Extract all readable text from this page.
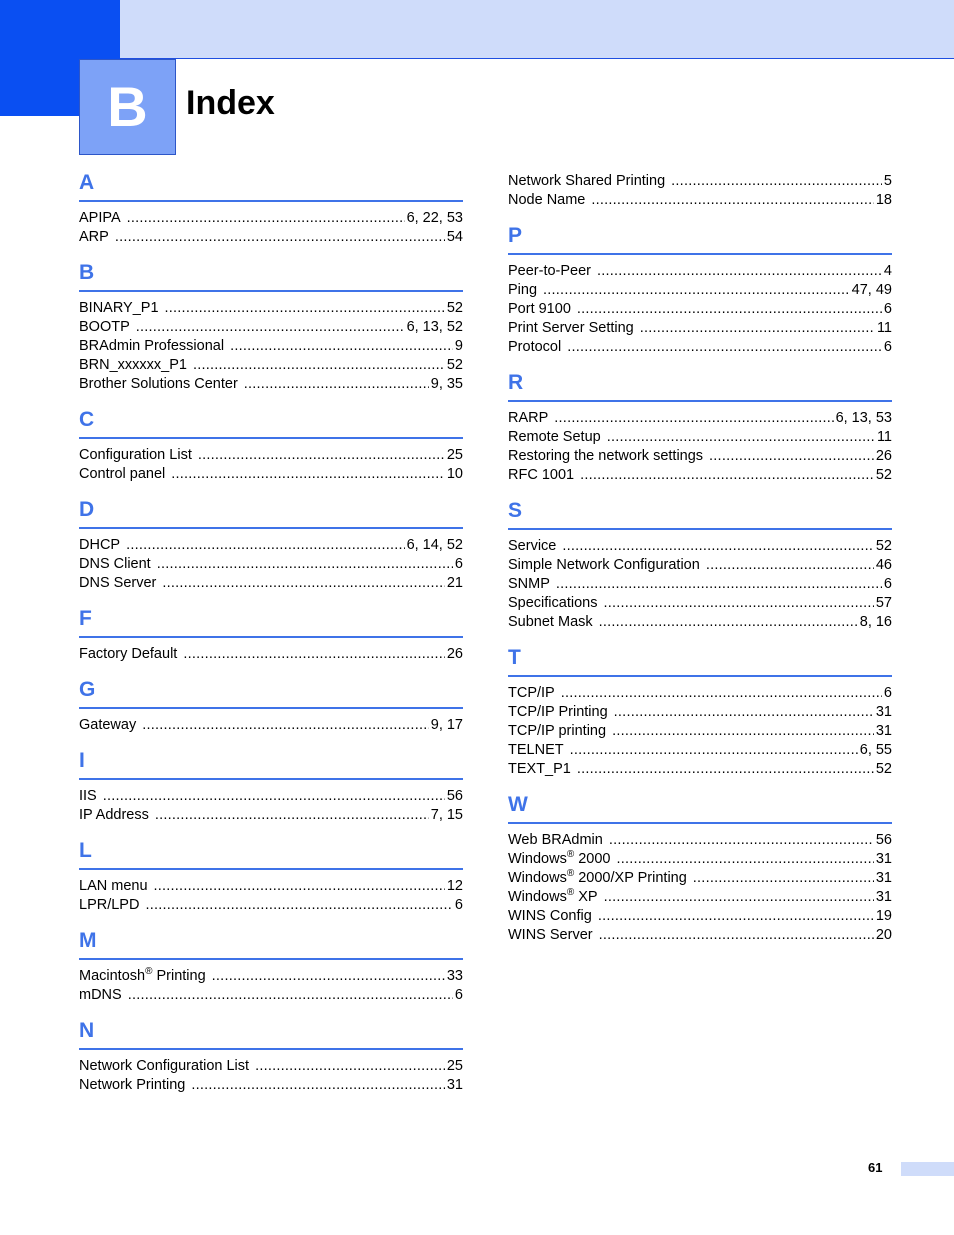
B	Index
A
APIPA . . .	6, 22, 53
ARP . . .	54
B
BINARY_P1 . . .	52
BOOTP . . .	6, 13, 52
BRAdmin Professional . . .	9
BRN_xxxxxx_P1 . . .	52
Brother Solutions Center . . .	9, 35
C
Configuration List . . .	25
Control panel . . .	10
D
DHCP . . .	6, 14, 52
DNS Client . . .	6
DNS Server . . .	21
F
Factory Default . . .	26
G
Gateway . . .	9, 17
I
IIS . . .	56
IP Address . . .	7, 15
L
LAN menu . . .	12
LPR/LPD . . .	6
M
Macintosh® Printing . . .	33
mDNS . . .	6
N
Network Configuration List . . .	25
Network Printing . . .	31
Network Shared Printing . . .	5
Node Name . . .	18
P
Peer-to-Peer . . .	4
Ping . . .	47, 49
Port 9100 . . .	6
Print Server Setting . . .	11
Protocol . . .	6
R
RARP . . .	6, 13, 53
Remote Setup . . .	11
Restoring the network settings . . .	26
RFC 1001 . . .	52
S
Service . . .	52
Simple Network Configuration . . .	46
SNMP . . .	6
Specifications . . .	57
Subnet Mask . . .	8, 16
T
TCP/IP . . .	6
TCP/IP Printing . . .	31
TCP/IP printing . . .	31
TELNET . . .	6, 55
TEXT_P1 . . .	52
W
Web BRAdmin . . .	56
Windows® 2000 . . .	31
Windows® 2000/XP Printing . . .	31
Windows® XP . . .	31
WINS Config . . .	19
WINS Server . . .	20
61
